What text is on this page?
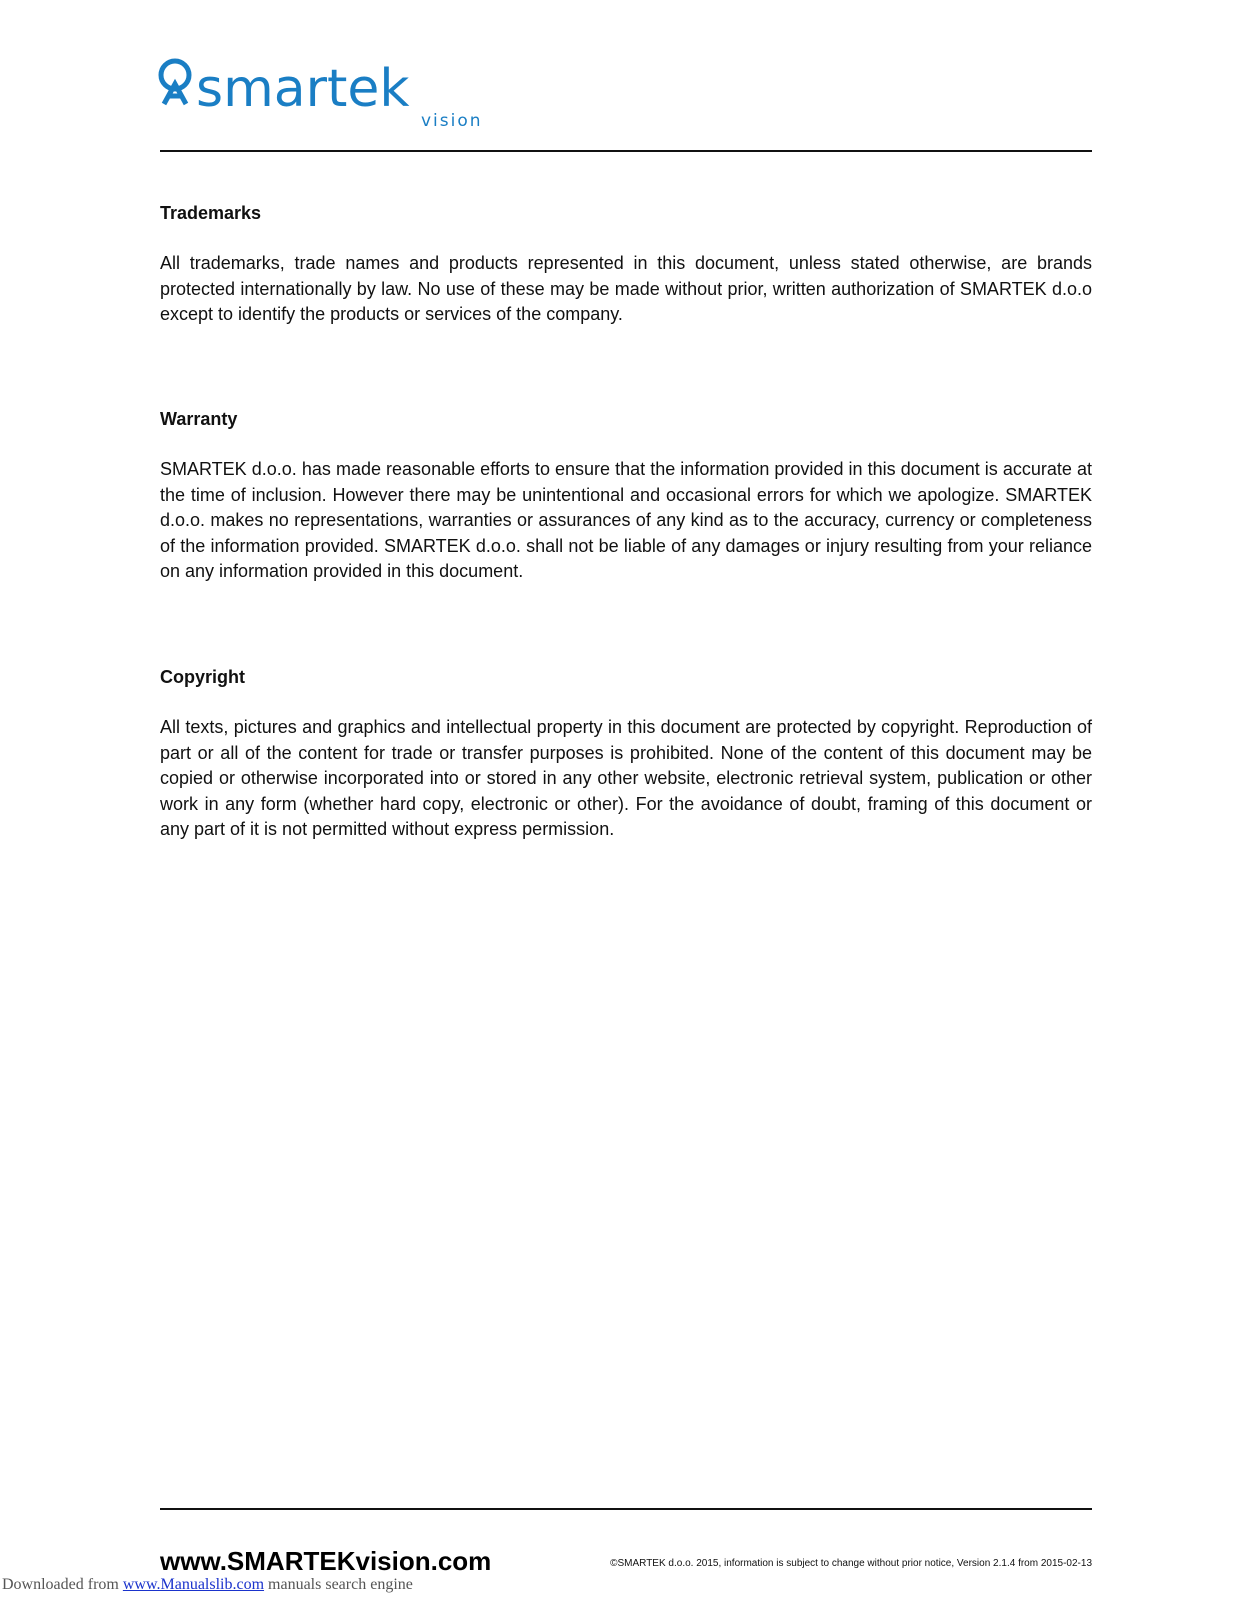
smartek
vision
Trademarks

All trademarks, trade names and products represented in this document, unless stated otherwise, are brands protected internationally by law. No use of these may be made without prior, written authorization of SMARTEK d.o.o except to identify the products or services of the company.

Warranty

SMARTEK d.o.o. has made reasonable efforts to ensure that the information provided in this document is accurate at the time of inclusion. However there may be unintentional and occasional errors for which we apologize. SMARTEK d.o.o. makes no representations, warranties or assurances of any kind as to the accuracy, currency or completeness of the information provided. SMARTEK d.o.o. shall not be liable of any damages or injury resulting from your reliance on any information provided in this document.

Copyright

All texts, pictures and graphics and intellectual property in this document are protected by copyright. Reproduction of part or all of the content for trade or transfer purposes is prohibited. None of the content of this document may be copied or otherwise incorporated into or stored in any other website, electronic retrieval system, publication or other work in any form (whether hard copy, electronic or other). For the avoidance of doubt, framing of this document or any part of it is not permitted without express permission.

www.SMARTEKvision.com	©SMARTEK d.o.o. 2015, information is subject to change without prior notice, Version 2.1.4 from 2015-02-13
Downloaded from www.Manualslib.com manuals search engine
